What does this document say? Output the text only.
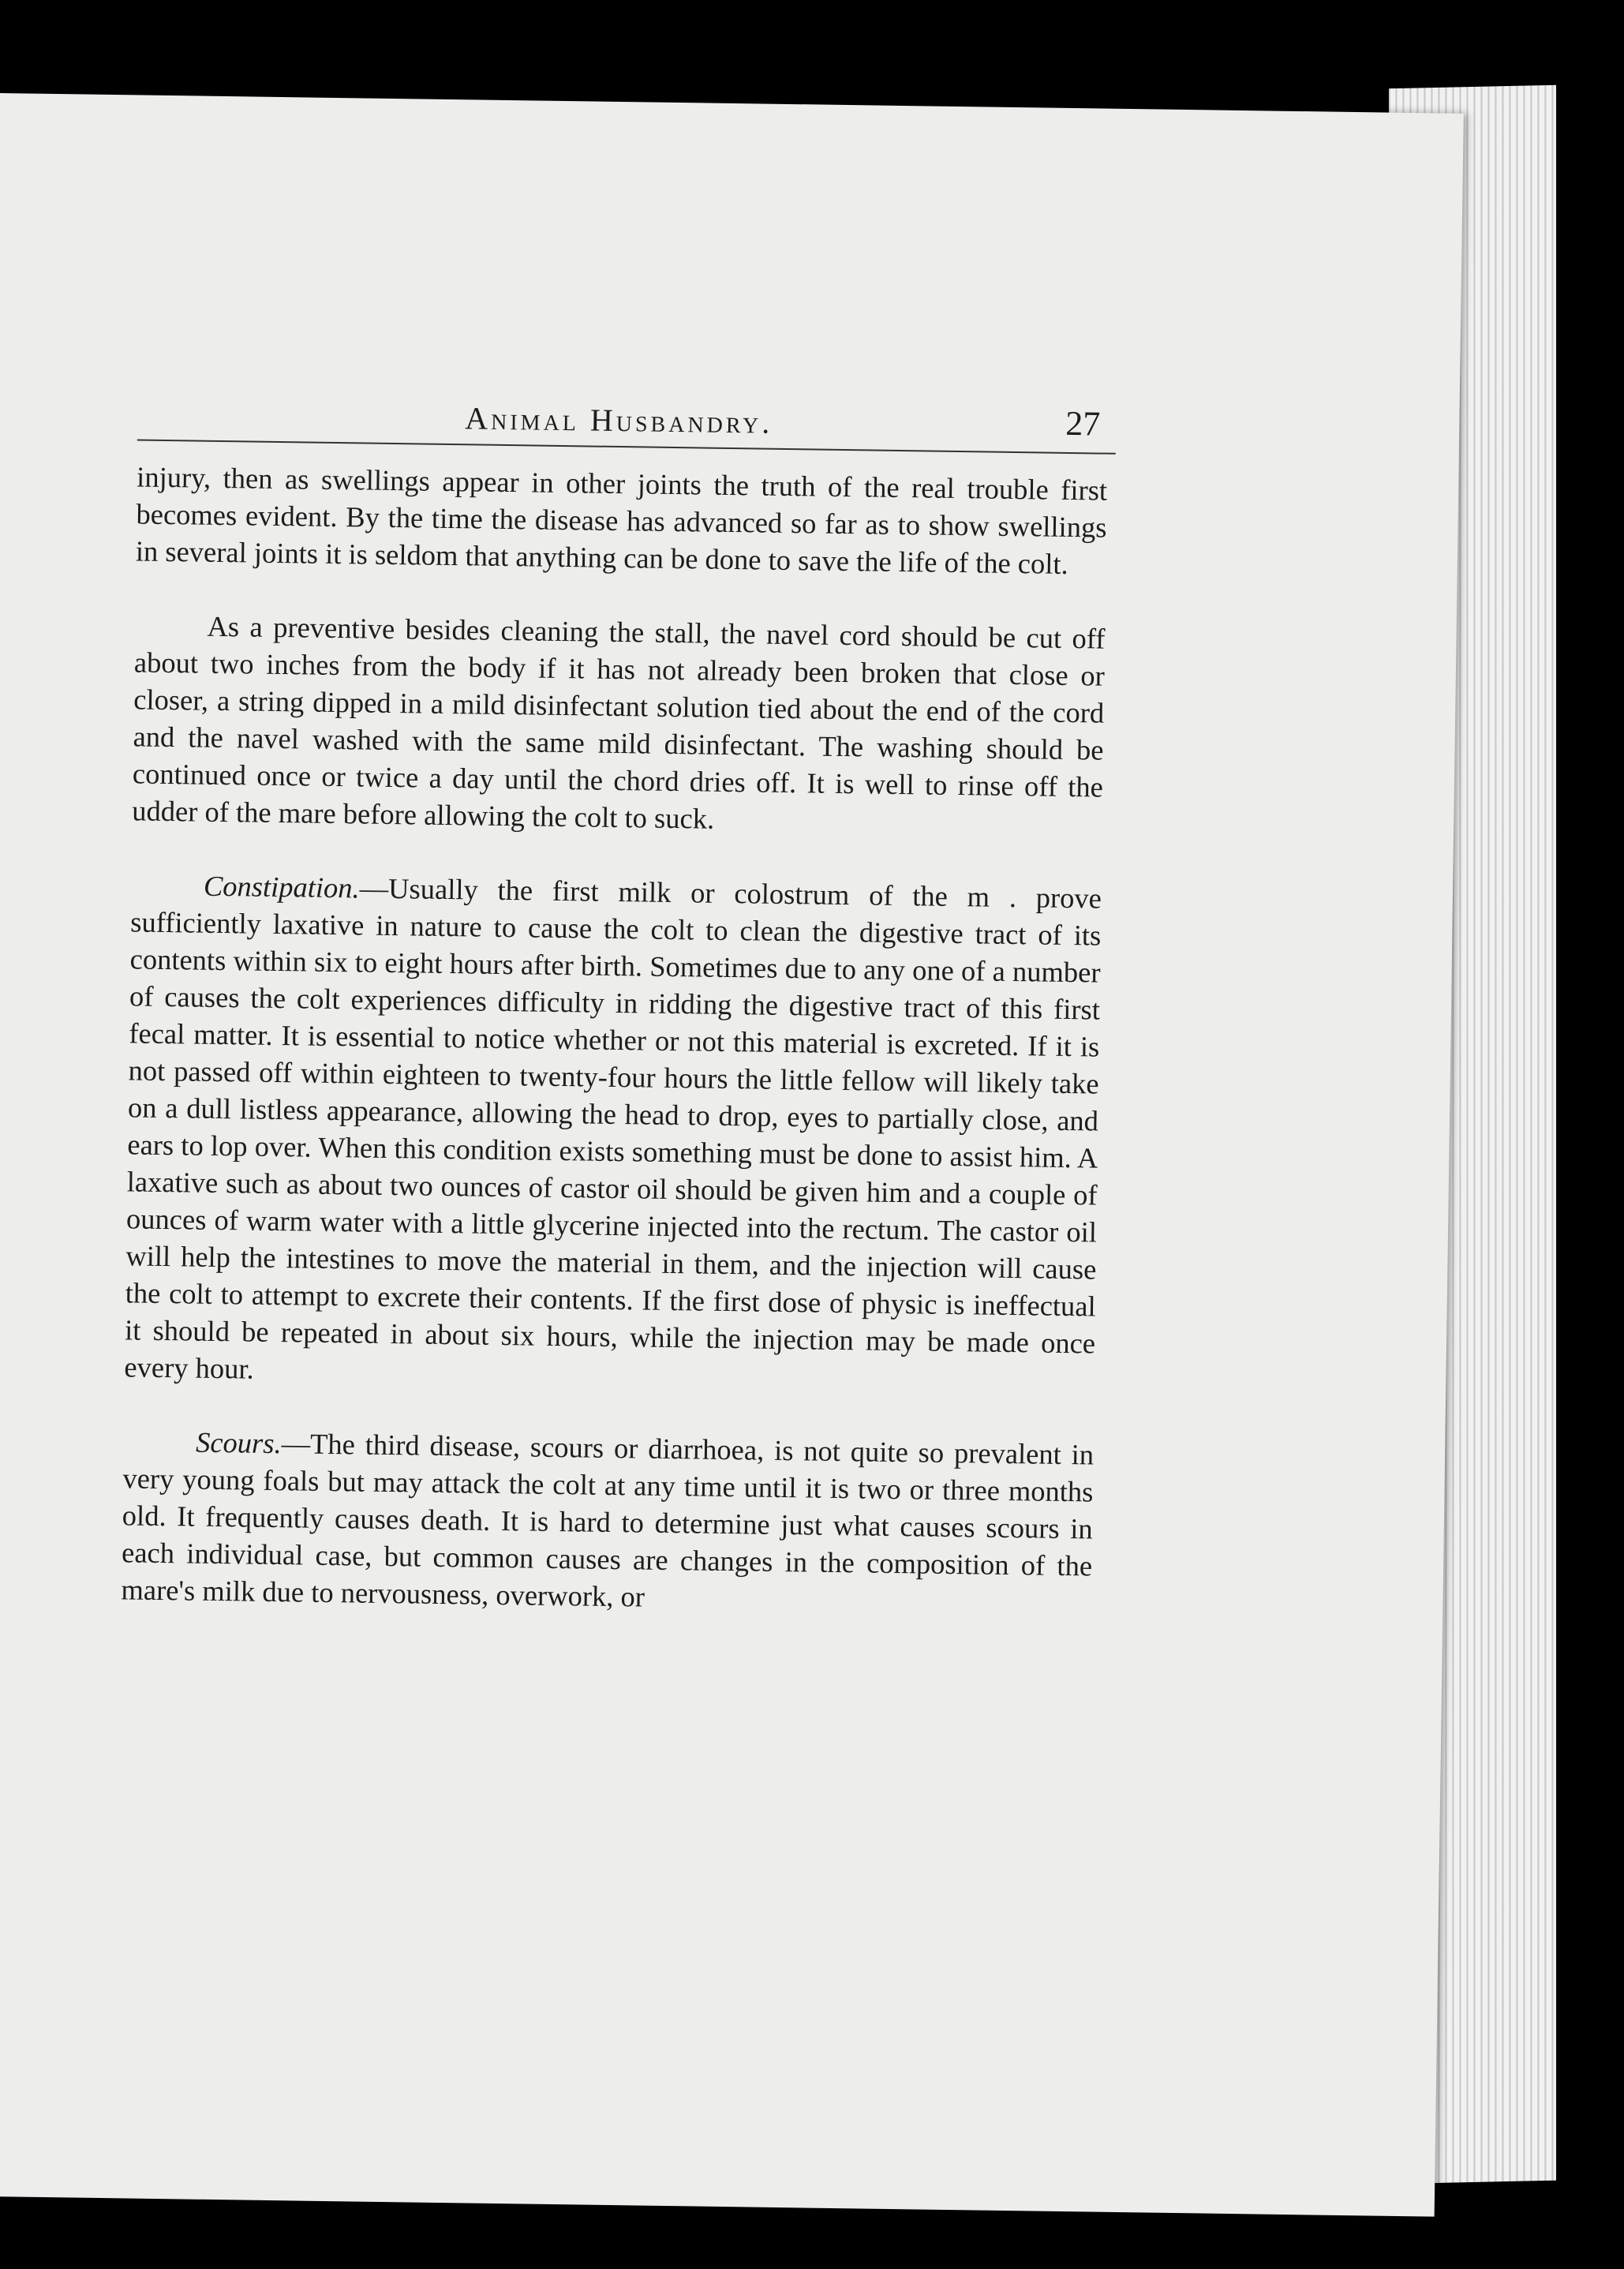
Animal Husbandry.	27

injury, then as swellings appear in other joints the truth of the real trouble first becomes evident. By the time the disease has advanced so far as to show swellings in several joints it is seldom that anything can be done to save the life of the colt.

As a preventive besides cleaning the stall, the navel cord should be cut off about two inches from the body if it has not already been broken that close or closer, a string dipped in a mild disinfectant solution tied about the end of the cord and the navel washed with the same mild disinfectant. The washing should be continued once or twice a day until the chord dries off. It is well to rinse off the udder of the mare before allowing the colt to suck.

Constipation.—Usually the first milk or colostrum of the m . prove sufficiently laxative in nature to cause the colt to clean the digestive tract of its contents within six to eight hours after birth. Sometimes due to any one of a number of causes the colt experiences difficulty in ridding the digestive tract of this first fecal matter. It is essential to notice whether or not this material is excreted. If it is not passed off within eighteen to twenty-four hours the little fellow will likely take on a dull listless appearance, allowing the head to drop, eyes to partially close, and ears to lop over. When this condition exists something must be done to assist him. A laxative such as about two ounces of castor oil should be given him and a couple of ounces of warm water with a little glycerine injected into the rectum. The castor oil will help the intestines to move the material in them, and the injection will cause the colt to attempt to excrete their contents. If the first dose of physic is ineffectual it should be repeated in about six hours, while the injection may be made once every hour.

Scours.—The third disease, scours or diarrhoea, is not quite so prevalent in very young foals but may attack the colt at any time until it is two or three months old. It frequently causes death. It is hard to determine just what causes scours in each individual case, but common causes are changes in the composition of the mare's milk due to nervousness, overwork, or
